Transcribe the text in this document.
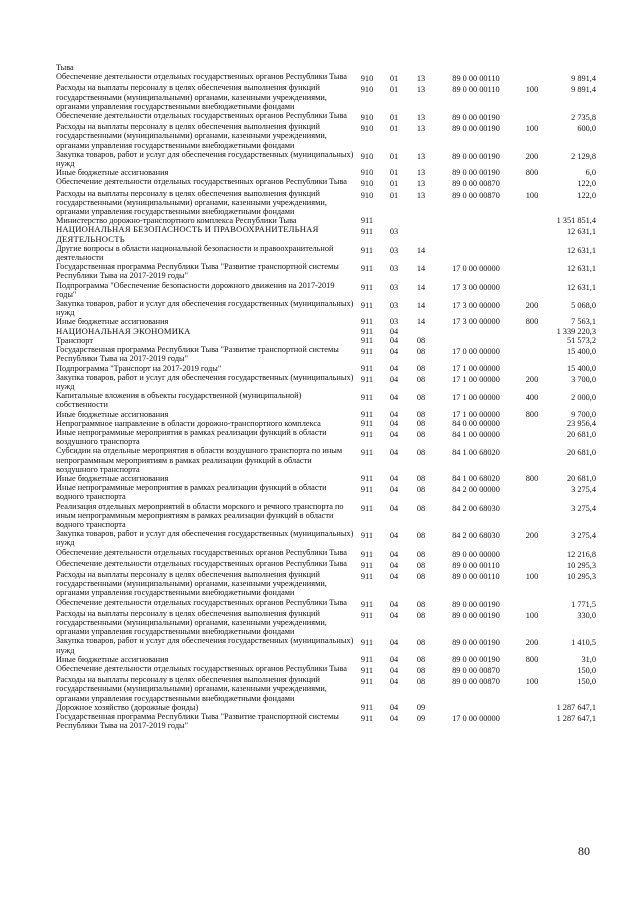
Тыва
Обеспечение деятельности отдельных государственных органов Республики Тыва	910	01	13	89 0 00 00110	9 891,4
Расходы на выплаты персоналу в целях обеспечения выполнения функций государственными (муниципальными) органами, казенными учреждениями, органами управления государственными внебюджетными фондами
910	01	13	89 0 00 00110	100	9 891,4
Обеспечение деятельности отдельных государственных органов Республики Тыва	910	01	13	89 0 00 00190	2 735,8
Расходы на выплаты персоналу в целях обеспечения выполнения функций государственными (муниципальными) органами, казенными учреждениями, органами управления государственными внебюджетными фондами
910	01	13	89 0 00 00190	100	600,0
Закупка товаров, работ и услуг для обеспечения государственных (муниципальных) нужд
910	01	13	89 0 00 00190	200	2 129,8
Иные бюджетные ассигнования	910	01	13	89 0 00 00190	800	6,0
Обеспечение деятельности отдельных государственных органов Республики Тыва	910	01	13	89 0 00 00870	122,0
Расходы на выплаты персоналу в целях обеспечения выполнения функций государственными (муниципальными) органами, казенными учреждениями, органами управления государственными внебюджетными фондами
910	01	13	89 0 00 00870	100	122,0
Министерство дорожно-транспортного комплекса Республики Тыва	911	1 351 851,4
НАЦИОНАЛЬНАЯ БЕЗОПАСНОСТЬ И ПРАВООХРАНИТЕЛЬНАЯ ДЕЯТЕЛЬНОСТЬ
911	03	12 631,1
Другие вопросы в области национальной безопасности и правоохранительной деятельности
911	03	14	12 631,1
Государственная программа Республики Тыва "Развитие транспортной системы Республики Тыва на 2017-2019 годы"
911	03	14	17 0 00 00000	12 631,1
Подпрограмма "Обеспечение безопасности дорожного движения на 2017-2019 годы"
911	03	14	17 3 00 00000	12 631,1
Закупка товаров, работ и услуг для обеспечения государственных (муниципальных) нужд
911	03	14	17 3 00 00000	200	5 068,0
Иные бюджетные ассигнования	911	03	14	17 3 00 00000	800	7 563,1
НАЦИОНАЛЬНАЯ ЭКОНОМИКА	911	04	1 339 220,3
Транспорт	911	04	08	51 573,2
Государственная программа Республики Тыва "Развитие транспортной системы Республики Тыва на 2017-2019 годы"
911	04	08	17 0 00 00000	15 400,0
Подпрограмма "Транспорт на 2017-2019 годы"	911	04	08	17 1 00 00000	15 400,0
Закупка товаров, работ и услуг для обеспечения государственных (муниципальных) нужд
911	04	08	17 1 00 00000	200	3 700,0
Капитальные вложения в объекты государственной (муниципальной) собственности
911	04	08	17 1 00 00000	400	2 000,0
Иные бюджетные ассигнования	911	04	08	17 1 00 00000	800	9 700,0
Непрограммное направление в области дорожно-транспортного комплекса	911	04	08	84 0 00 00000	23 956,4
Иные непрограммные мероприятия в рамках реализации функций в области воздушного транспорта
911	04	08	84 1 00 00000	20 681,0
Субсидии на отдельные мероприятия в области воздушного транспорта по иным непрограммным мероприятиям в рамках реализации функций в области воздушного транспорта
911	04	08	84 1 00 68020	20 681,0
Иные бюджетные ассигнования	911	04	08	84 1 00 68020	800	20 681,0
Иные непрограммные мероприятия в рамках реализации функций в области водного транспорта
911	04	08	84 2 00 00000	3 275,4
Реализация отдельных мероприятий в области морского и речного транспорта по иным непрограммным мероприятиям в рамках реализации функций в области водного транспорта
911	04	08	84 2 00 68030	3 275,4
Закупка товаров, работ и услуг для обеспечения государственных (муниципальных) нужд
911	04	08	84 2 00 68030	200	3 275,4
Обеспечение деятельности отдельных государственных органов Республики Тыва	911	04	08	89 0 00 00000	12 216,8
Обеспечение деятельности отдельных государственных органов Республики Тыва	911	04	08	89 0 00 00110	10 295,3
Расходы на выплаты персоналу в целях обеспечения выполнения функций государственными (муниципальными) органами, казенными учреждениями, органами управления государственными внебюджетными фондами
911	04	08	89 0 00 00110	100	10 295,3
Обеспечение деятельности отдельных государственных органов Республики Тыва	911	04	08	89 0 00 00190	1 771,5
Расходы на выплаты персоналу в целях обеспечения выполнения функций государственными (муниципальными) органами, казенными учреждениями, органами управления государственными внебюджетными фондами
911	04	08	89 0 00 00190	100	330,0
Закупка товаров, работ и услуг для обеспечения государственных (муниципальных) нужд
911	04	08	89 0 00 00190	200	1 410,5
Иные бюджетные ассигнования	911	04	08	89 0 00 00190	800	31,0
Обеспечение деятельности отдельных государственных органов Республики Тыва	911	04	08	89 0 00 00870	150,0
Расходы на выплаты персоналу в целях обеспечения выполнения функций государственными (муниципальными) органами, казенными учреждениями, органами управления государственными внебюджетными фондами
911	04	08	89 0 00 00870	100	150,0
Дорожное хозяйство (дорожные фонды)	911	04	09	1 287 647,1
Государственная программа Республики Тыва "Развитие транспортной системы Республики Тыва на 2017-2019 годы"
911	04	09	17 0 00 00000	1 287 647,1
80
